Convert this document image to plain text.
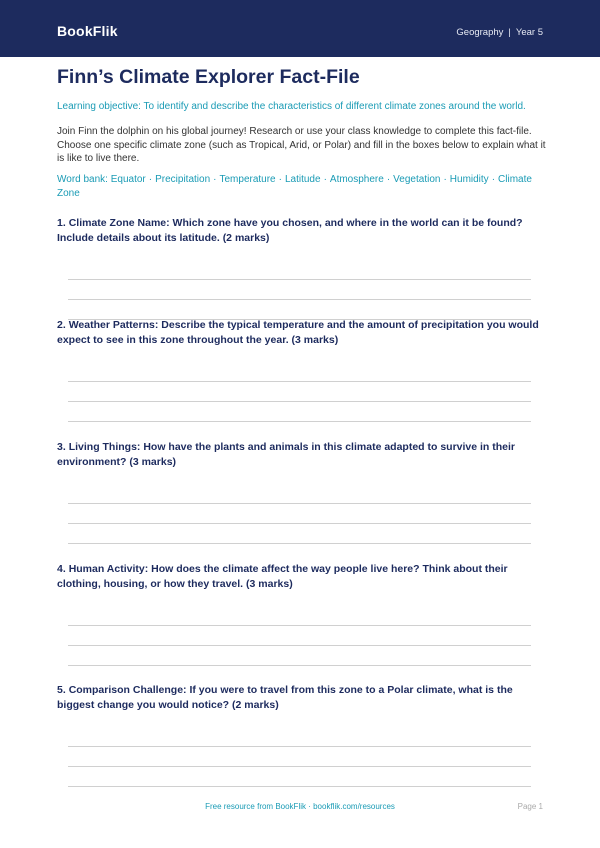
BookFlik	Geography | Year 5
Finn’s Climate Explorer Fact-File

Learning objective: To identify and describe the characteristics of different climate zones around the world.

Join Finn the dolphin on his global journey! Research or use your class knowledge to complete this fact-file. Choose one specific climate zone (such as Tropical, Arid, or Polar) and fill in the boxes below to explain what it is like to live there.

Word bank: Equator · Precipitation · Temperature · Latitude · Atmosphere · Vegetation · Humidity · Climate Zone

1. Climate Zone Name: Which zone have you chosen, and where in the world can it be found? Include details about its latitude. (2 marks)
2. Weather Patterns: Describe the typical temperature and the amount of precipitation you would expect to see in this zone throughout the year. (3 marks)
3. Living Things: How have the plants and animals in this climate adapted to survive in their environment? (3 marks)
4. Human Activity: How does the climate affect the way people live here? Think about their clothing, housing, or how they travel. (3 marks)
5. Comparison Challenge: If you were to travel from this zone to a Polar climate, what is the biggest change you would notice? (2 marks)
Free resource from BookFlik · bookflik.com/resources	Page 1
